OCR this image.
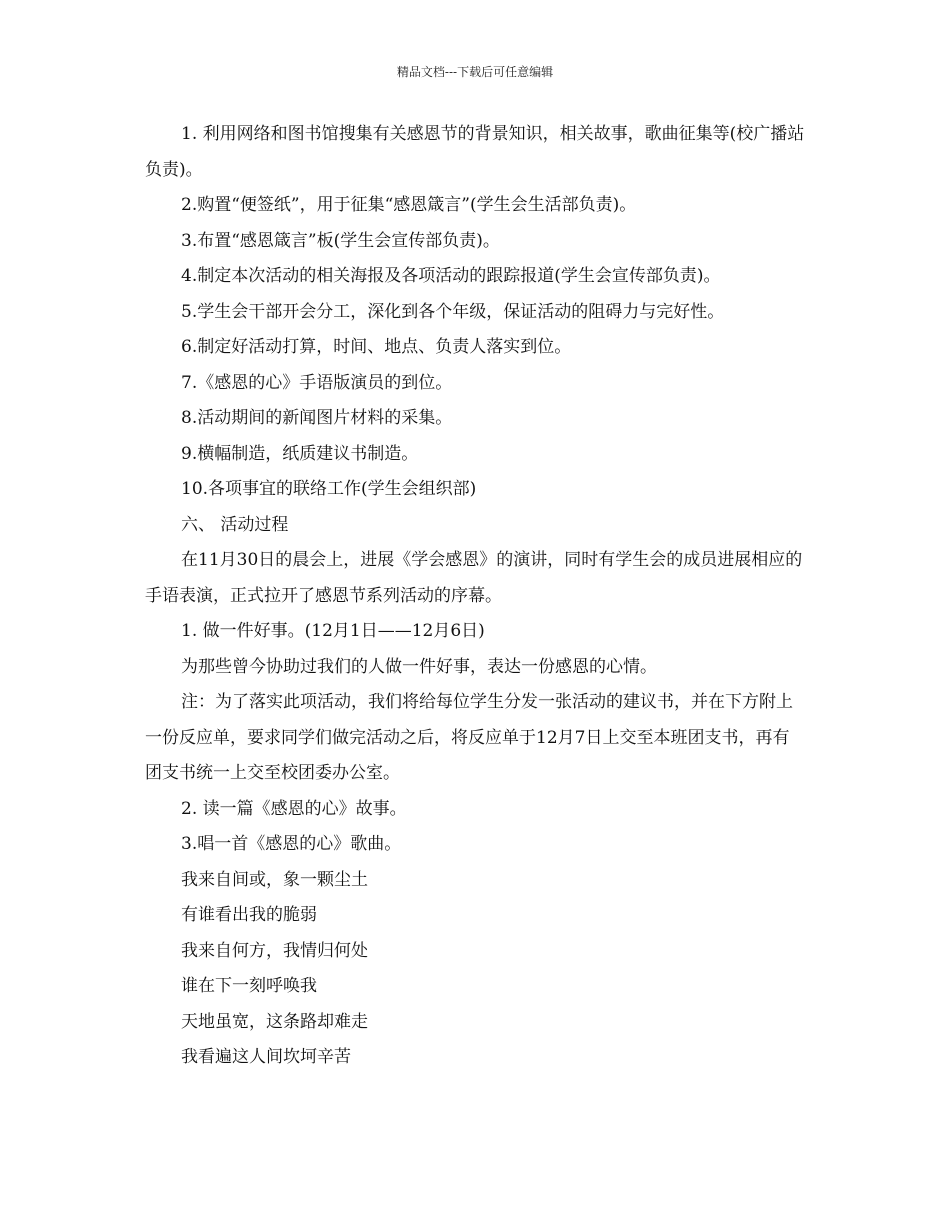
精品文档---下载后可任意编辑

1. 利用网络和图书馆搜集有关感恩节的背景知识，相关故事，歌曲征集等(校广播站负责)。

2.购置“便签纸”，用于征集“感恩箴言”(学生会生活部负责)。

3.布置“感恩箴言”板(学生会宣传部负责)。

4.制定本次活动的相关海报及各项活动的跟踪报道(学生会宣传部负责)。

5.学生会干部开会分工，深化到各个年级，保证活动的阻碍力与完好性。

6.制定好活动打算，时间、地点、负责人落实到位。

7.《感恩的心》手语版演员的到位。

8.活动期间的新闻图片材料的采集。

9.横幅制造，纸质建议书制造。

10.各项事宜的联络工作(学生会组织部)

六、 活动过程

在11月30日的晨会上，进展《学会感恩》的演讲，同时有学生会的成员进展相应的手语表演，正式拉开了感恩节系列活动的序幕。

1. 做一件好事。(12月1日——12月6日)

为那些曾今协助过我们的人做一件好事，表达一份感恩的心情。

注：为了落实此项活动，我们将给每位学生分发一张活动的建议书，并在下方附上一份反应单，要求同学们做完活动之后，将反应单于12月7日上交至本班团支书，再有团支书统一上交至校团委办公室。

2. 读一篇《感恩的心》故事。

3.唱一首《感恩的心》歌曲。

我来自间或，象一颗尘土

有谁看出我的脆弱

我来自何方，我情归何处

谁在下一刻呼唤我

天地虽宽，这条路却难走

我看遍这人间坎坷辛苦
